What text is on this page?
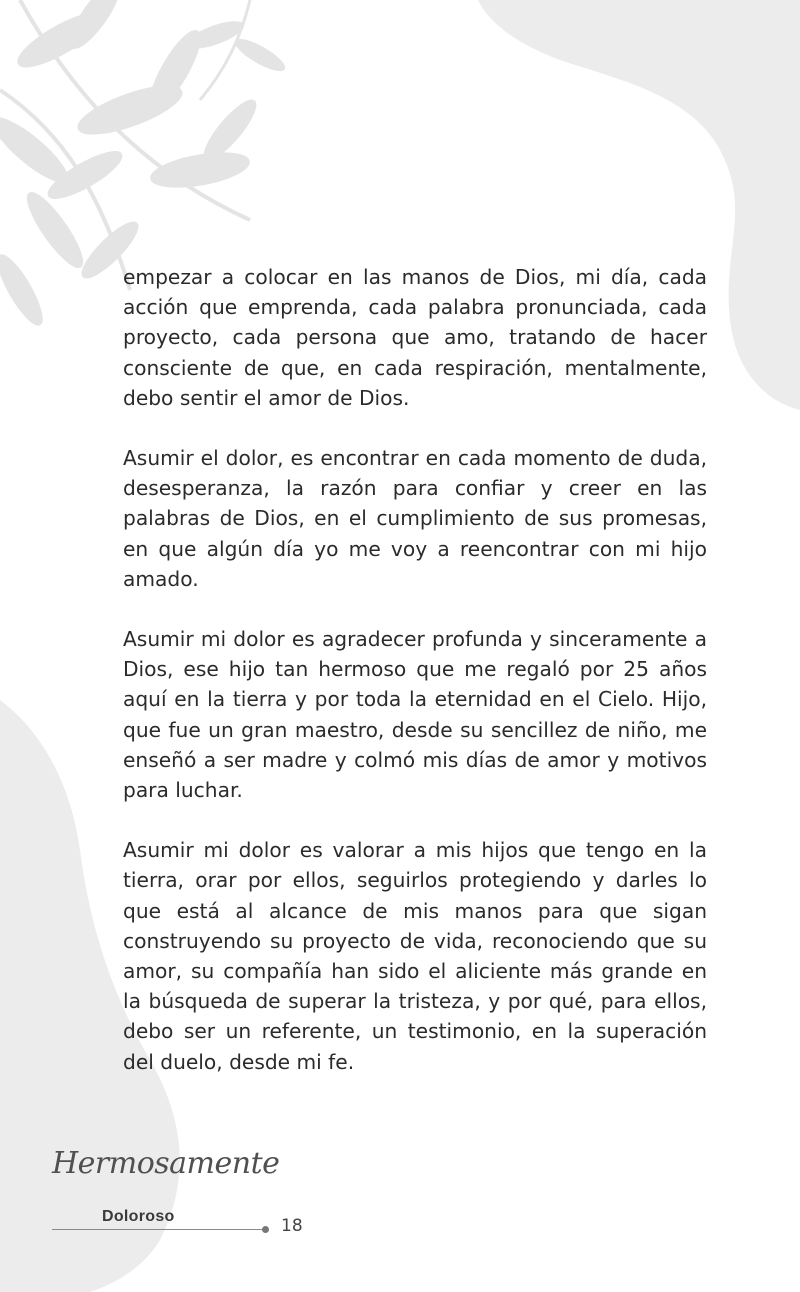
empezar a colocar en las manos de Dios, mi día, cada acción que emprenda, cada palabra pronunciada, cada proyecto, cada persona que amo, tratando de hacer consciente de que, en cada respiración, mentalmente, debo sentir el amor de Dios.

Asumir el dolor, es encontrar en cada momento de duda, desesperanza, la razón para confiar y creer en las palabras de Dios, en el cumplimiento de sus promesas, en que algún día yo me voy a reencontrar con mi hijo amado.

Asumir mi dolor es agradecer profunda y sinceramente a Dios, ese hijo tan hermoso que me regaló por 25 años aquí en la tierra y por toda la eternidad en el Cielo. Hijo, que fue un gran maestro, desde su sencillez de niño, me enseñó a ser madre y colmó mis días de amor y motivos para luchar.

Asumir mi dolor es valorar a mis hijos que tengo en la tierra, orar por ellos, seguirlos protegiendo y darles lo que está al alcance de mis manos para que sigan construyendo su proyecto de vida, reconociendo que su amor, su compañía han sido el aliciente más grande en la búsqueda de superar la tristeza, y por qué, para ellos, debo ser un referente, un testimonio, en la superación del duelo, desde mi fe.

Hermosamente
Doloroso	18
